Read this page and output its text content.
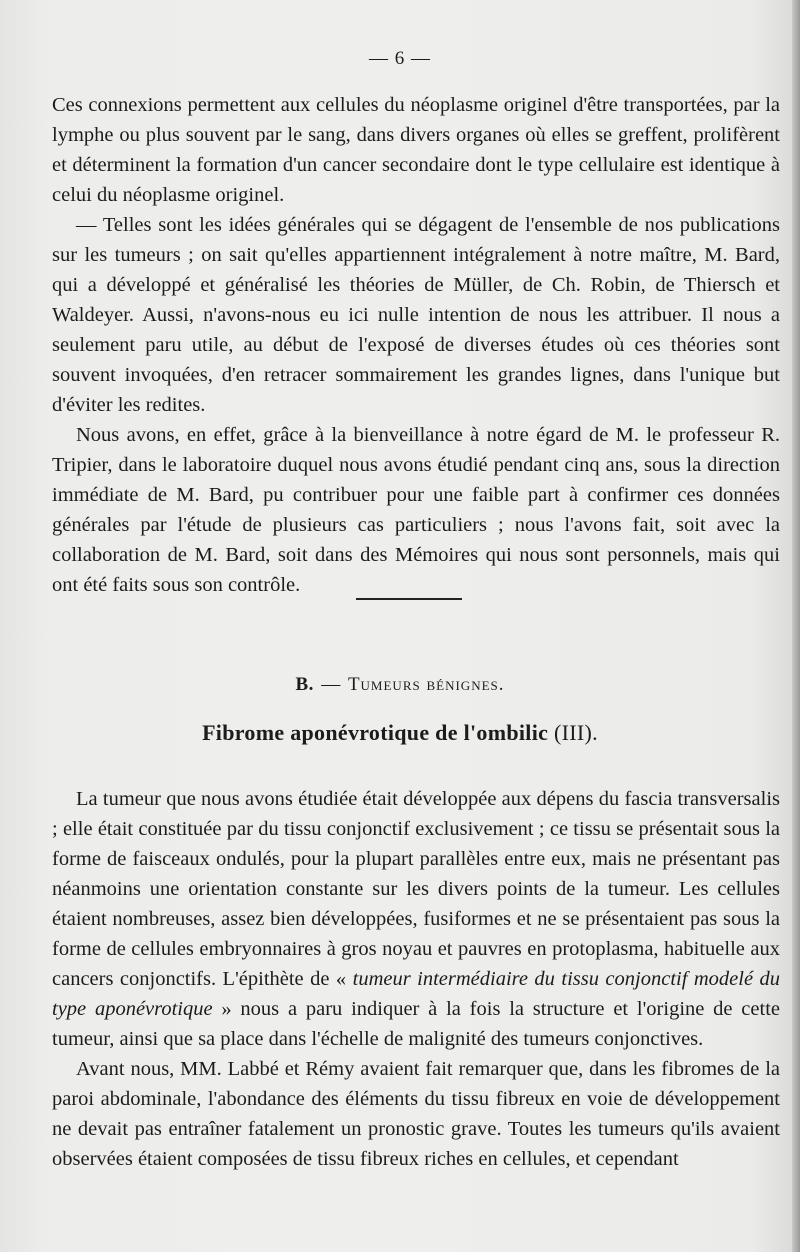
— 6 —

Ces connexions permettent aux cellules du néoplasme originel d'être transportées, par la lymphe ou plus souvent par le sang, dans divers organes où elles se greffent, prolifèrent et déterminent la formation d'un cancer secondaire dont le type cellulaire est identique à celui du néoplasme originel.

— Telles sont les idées générales qui se dégagent de l'ensemble de nos publications sur les tumeurs ; on sait qu'elles appartiennent intégralement à notre maître, M. Bard, qui a développé et généralisé les théories de Müller, de Ch. Robin, de Thiersch et Waldeyer. Aussi, n'avons-nous eu ici nulle intention de nous les attribuer. Il nous a seulement paru utile, au début de l'exposé de diverses études où ces théories sont souvent invoquées, d'en retracer sommairement les grandes lignes, dans l'unique but d'éviter les redites.

Nous avons, en effet, grâce à la bienveillance à notre égard de M. le professeur R. Tripier, dans le laboratoire duquel nous avons étudié pendant cinq ans, sous la direction immédiate de M. Bard, pu contribuer pour une faible part à confirmer ces données générales par l'étude de plusieurs cas particuliers ; nous l'avons fait, soit avec la collaboration de M. Bard, soit dans des Mémoires qui nous sont personnels, mais qui ont été faits sous son contrôle.

B. — Tumeurs bénignes.
Fibrome aponévrotique de l'ombilic (III).

La tumeur que nous avons étudiée était développée aux dépens du fascia transversalis ; elle était constituée par du tissu conjonctif exclusivement ; ce tissu se présentait sous la forme de faisceaux ondulés, pour la plupart parallèles entre eux, mais ne présentant pas néanmoins une orientation constante sur les divers points de la tumeur. Les cellules étaient nombreuses, assez bien développées, fusiformes et ne se présentaient pas sous la forme de cellules embryonnaires à gros noyau et pauvres en protoplasma, habituelle aux cancers conjonctifs. L'épithète de « tumeur intermédiaire du tissu conjonctif modelé du type aponévrotique » nous a paru indiquer à la fois la structure et l'origine de cette tumeur, ainsi que sa place dans l'échelle de malignité des tumeurs conjonctives.

Avant nous, MM. Labbé et Rémy avaient fait remarquer que, dans les fibromes de la paroi abdominale, l'abondance des éléments du tissu fibreux en voie de développement ne devait pas entraîner fatalement un pronostic grave. Toutes les tumeurs qu'ils avaient observées étaient composées de tissu fibreux riches en cellules, et cependant
